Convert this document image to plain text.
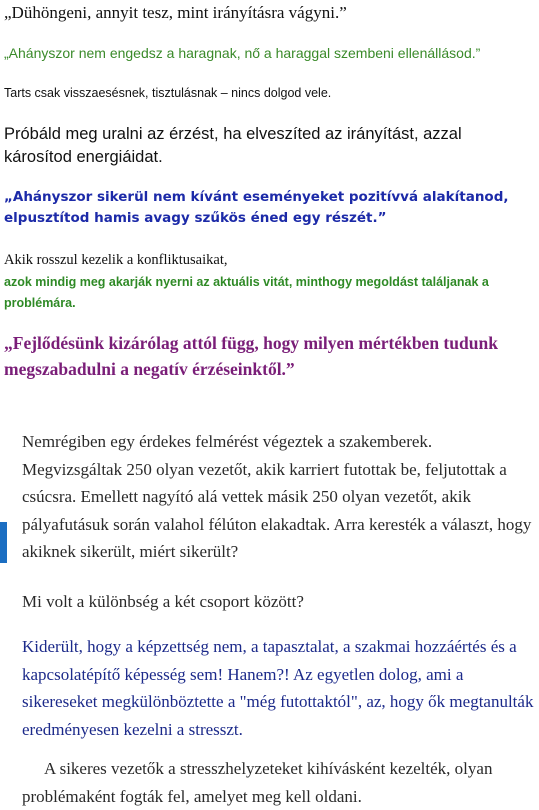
„Dühöngeni, annyit tesz, mint irányításra vágyni.”

„Ahányszor nem engedsz a haragnak, nő a haraggal szembeni ellenállásod.”

Tarts csak visszaesésnek, tisztulásnak – nincs dolgod vele.

Próbáld meg uralni az érzést, ha elveszíted az irányítást, azzal károsítod energiáidat.

„Ahányszor sikerül nem kívánt eseményeket pozitívvá alakítanod, elpusztítod hamis avagy szűkös éned egy részét.”

Akik rosszul kezelik a konfliktusaikat,

azok mindig meg akarják nyerni az aktuális vitát, minthogy megoldást találjanak a problémára.

„Fejlődésünk kizárólag attól függ, hogy milyen mértékben tudunk megszabadulni a negatív érzéseinktől.”

Nemrégiben egy érdekes felmérést végeztek a szakemberek. Megvizsgáltak 250 olyan vezetőt, akik karriert futottak be, feljutottak a csúcsra. Emellett nagyító alá vettek másik 250 olyan vezetőt, akik pályafutásuk során valahol félúton elakadtak. Arra keresték a választ, hogy akiknek sikerült, miért sikerült?

Mi volt a különbség a két csoport között?

Kiderült, hogy a képzettség nem, a tapasztalat, a szakmai hozzáértés és a kapcsolatépítő képesség sem! Hanem?! Az egyetlen dolog, ami a sikereseket megkülönböztette a "még futottaktól", az, hogy ők megtanulták eredményesen kezelni a stresszt.

A sikeres vezetők a stresszhelyzeteket kihívásként kezelték, olyan
problémaként fogták fel, amelyet meg kell oldani.
